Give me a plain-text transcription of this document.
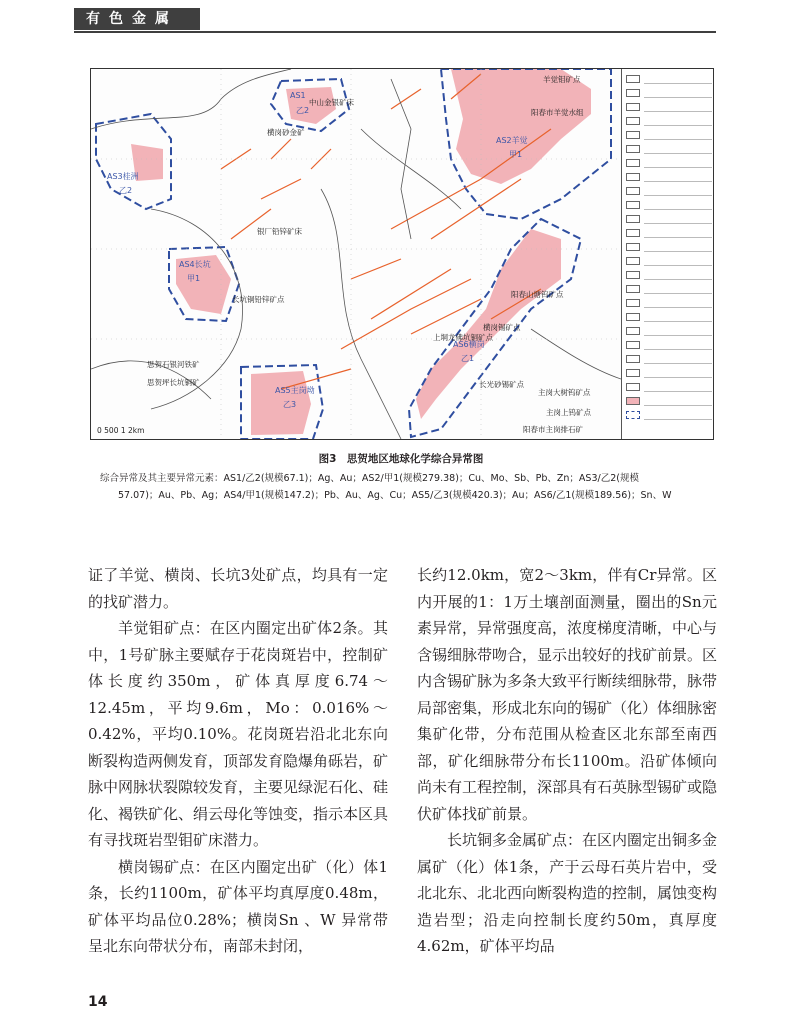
有色金属
羊觉钼矿点
阳春市羊觉水组
中山金银矿床
横岗砂金矿
银厂铅锌矿床
长坑铜铅锌矿点
阳春山塘钨矿点
横岗锡矿点
上垌龙佛坑铜矿点
长光砂锡矿点
主岗大树钨矿点
主岗上钨矿点
阳春市主岗排石矿
思贺石银河铁矿
思贺坪长坑铜矿
0 500 1 2km
AS1
乙2
AS2羊觉
甲1
AS3桂洲
乙2
AS4长坑
甲1
AS5主岗坳
乙3
AS6横岗
乙1
图3　思贺地区地球化学综合异常图
综合异常及其主要异常元素：AS1/乙2(规模67.1)；Ag、Au；AS2/甲1(规模279.38)；Cu、Mo、Sb、Pb、Zn；AS3/乙2(规模
57.07)；Au、Pb、Ag；AS4/甲1(规模147.2)；Pb、Au、Ag、Cu；AS5/乙3(规模420.3)；Au；AS6/乙1(规模189.56)；Sn、W

证了羊觉、横岗、长坑3处矿点，均具有一定的找矿潜力。

羊觉钼矿点：在区内圈定出矿体2条。其中，1号矿脉主要赋存于花岗斑岩中，控制矿体长度约350m，矿体真厚度6.74～12.45m，平均9.6m，Mo：0.016%～0.42%，平均0.10%。花岗斑岩沿北北东向断裂构造两侧发育，顶部发育隐爆角砾岩，矿脉中网脉状裂隙较发育，主要见绿泥石化、硅化、褐铁矿化、绢云母化等蚀变，指示本区具有寻找斑岩型钼矿床潜力。

横岗锡矿点：在区内圈定出矿（化）体1条，长约1100m，矿体平均真厚度0.48m，矿体平均品位0.28%；横岗Sn 、W 异常带呈北东向带状分布，南部未封闭，

长约12.0km，宽2～3km，伴有Cr异常。区内开展的1：1万土壤剖面测量，圈出的Sn元素异常，异常强度高，浓度梯度清晰，中心与含锡细脉带吻合，显示出较好的找矿前景。区内含锡矿脉为多条大致平行断续细脉带，脉带局部密集，形成北东向的锡矿（化）体细脉密集矿化带，分布范围从检查区北东部至南西部，矿化细脉带分布长1100m。沿矿体倾向尚未有工程控制，深部具有石英脉型锡矿或隐伏矿体找矿前景。

长坑铜多金属矿点：在区内圈定出铜多金属矿（化）体1条，产于云母石英片岩中，受北北东、北北西向断裂构造的控制，属蚀变构造岩型；沿走向控制长度约50m，真厚度4.62m，矿体平均品

14
